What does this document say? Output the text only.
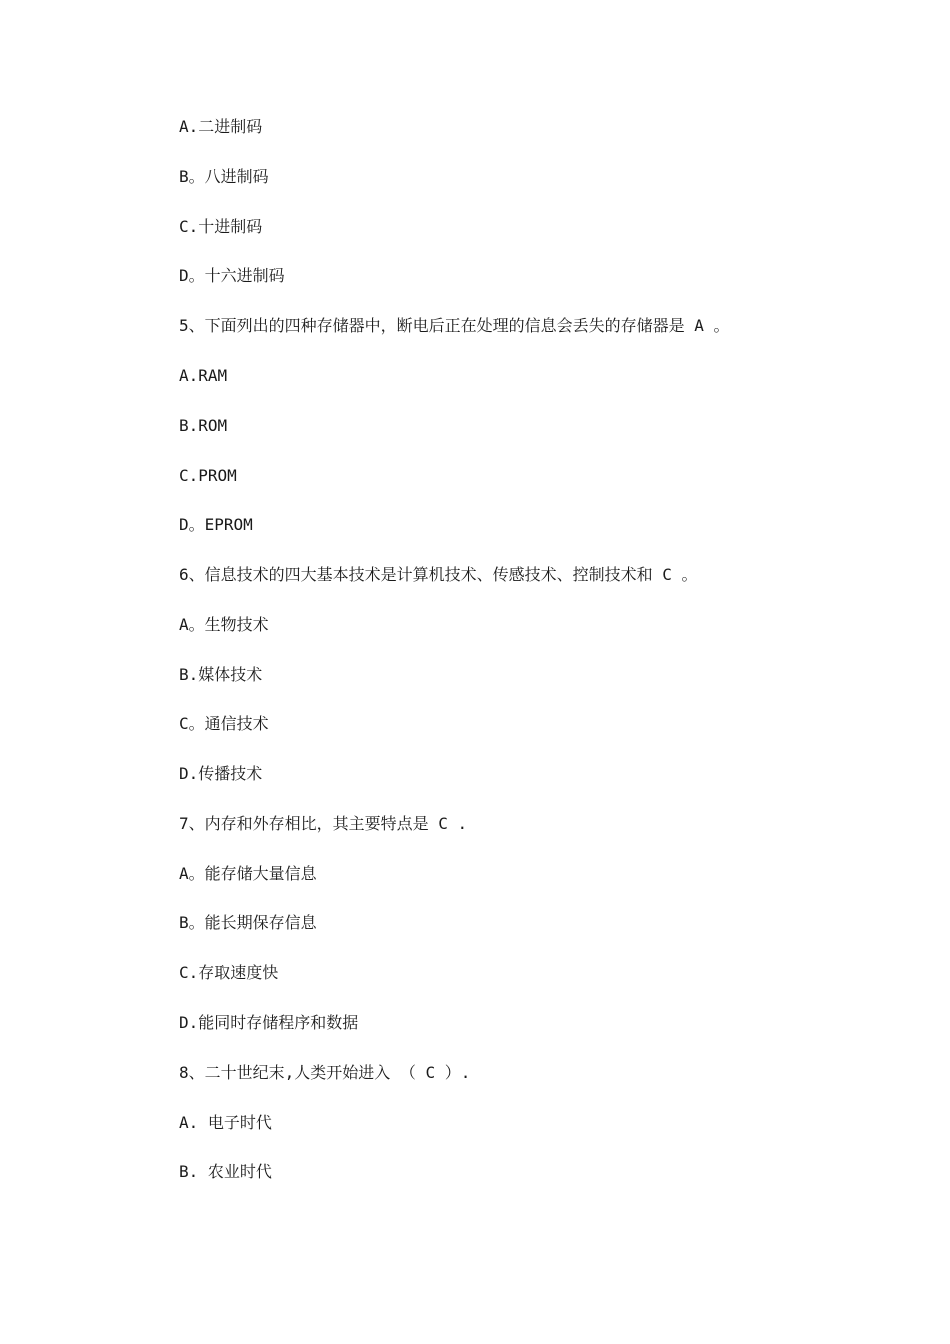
A.二进制码

B。八进制码

C.十进制码

D。十六进制码

5、下面列出的四种存储器中，断电后正在处理的信息会丢失的存储器是 A 。

A.RAM

B.ROM

C.PROM

D。EPROM

6、信息技术的四大基本技术是计算机技术、传感技术、控制技术和 C 。

A。生物技术

B.媒体技术

C。通信技术

D.传播技术

7、内存和外存相比，其主要特点是 C .

A。能存储大量信息

B。能长期保存信息

C.存取速度快

D.能同时存储程序和数据

8、二十世纪末,人类开始进入 （ C ）.

A. 电子时代

B. 农业时代
